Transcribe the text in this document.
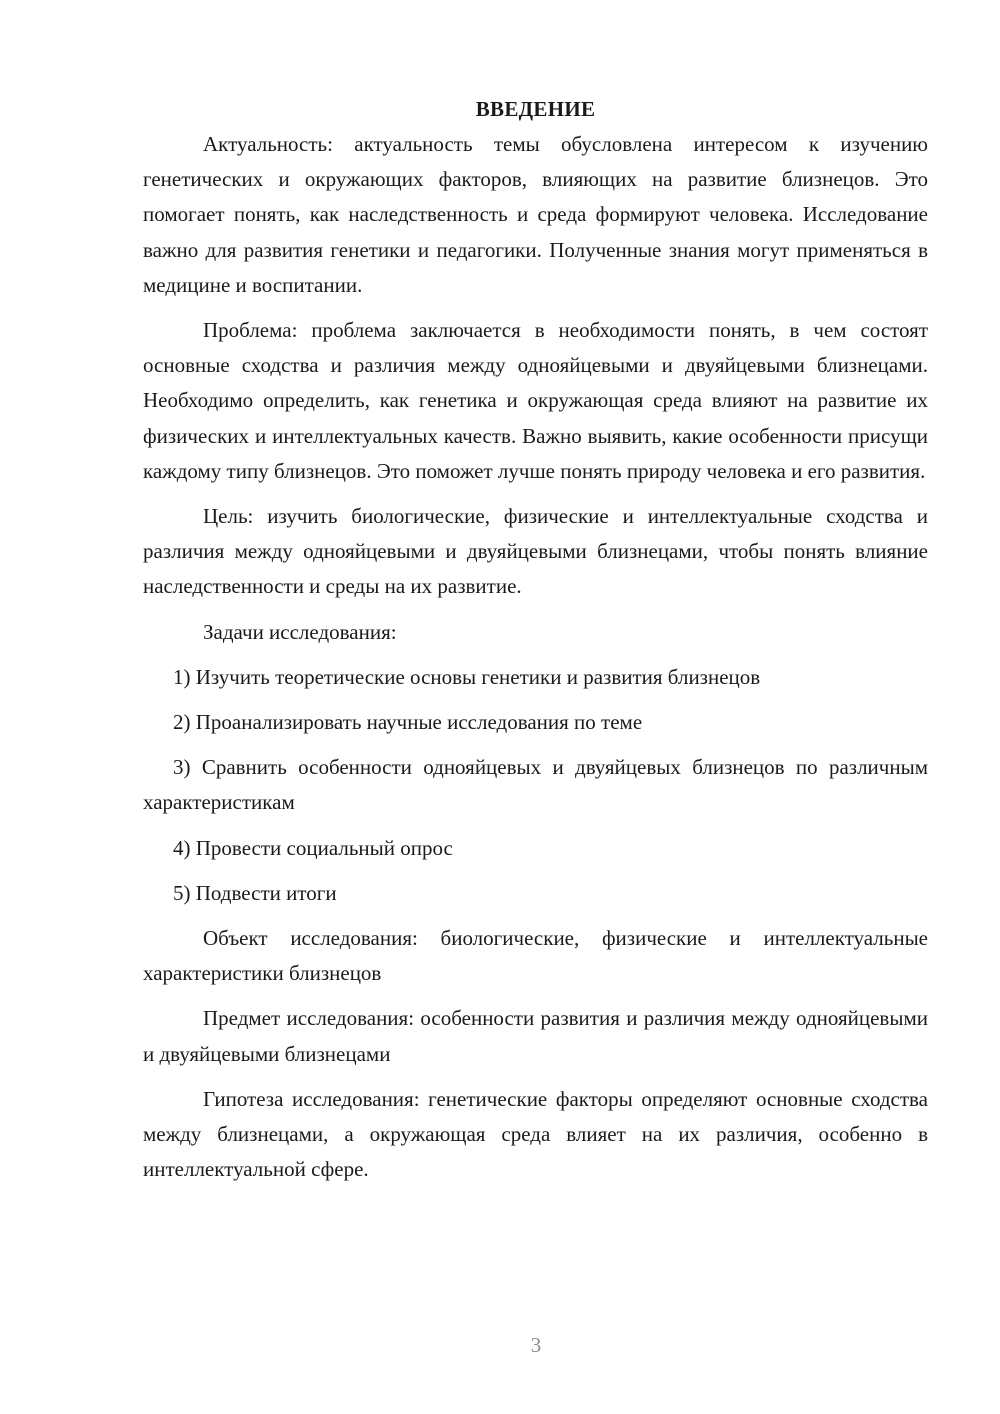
ВВЕДЕНИЕ

Актуальность: актуальность темы обусловлена интересом к изучению генетических и окружающих факторов, влияющих на развитие близнецов. Это помогает понять, как наследственность и среда формируют человека. Исследование важно для развития генетики и педагогики. Полученные знания могут применяться в медицине и воспитании.

Проблема: проблема заключается в необходимости понять, в чем состоят основные сходства и различия между однояйцевыми и двуяйцевыми близнецами. Необходимо определить, как генетика и окружающая среда влияют на развитие их физических и интеллектуальных качеств. Важно выявить, какие особенности присущи каждому типу близнецов. Это поможет лучше понять природу человека и его развития.

Цель: изучить биологические, физические и интеллектуальные сходства и различия между однояйцевыми и двуяйцевыми близнецами, чтобы понять влияние наследственности и среды на их развитие.

Задачи исследования:

1) Изучить теоретические основы генетики и развития близнецов

2) Проанализировать научные исследования по теме

3) Сравнить особенности однояйцевых и двуяйцевых близнецов по различным характеристикам

4) Провести социальный опрос

5) Подвести итоги

Объект исследования: биологические, физические и интеллектуальные характеристики близнецов

Предмет исследования: особенности развития и различия между однояйцевыми и двуяйцевыми близнецами

Гипотеза исследования: генетические факторы определяют основные сходства между близнецами, а окружающая среда влияет на их различия, особенно в интеллектуальной сфере.

3
